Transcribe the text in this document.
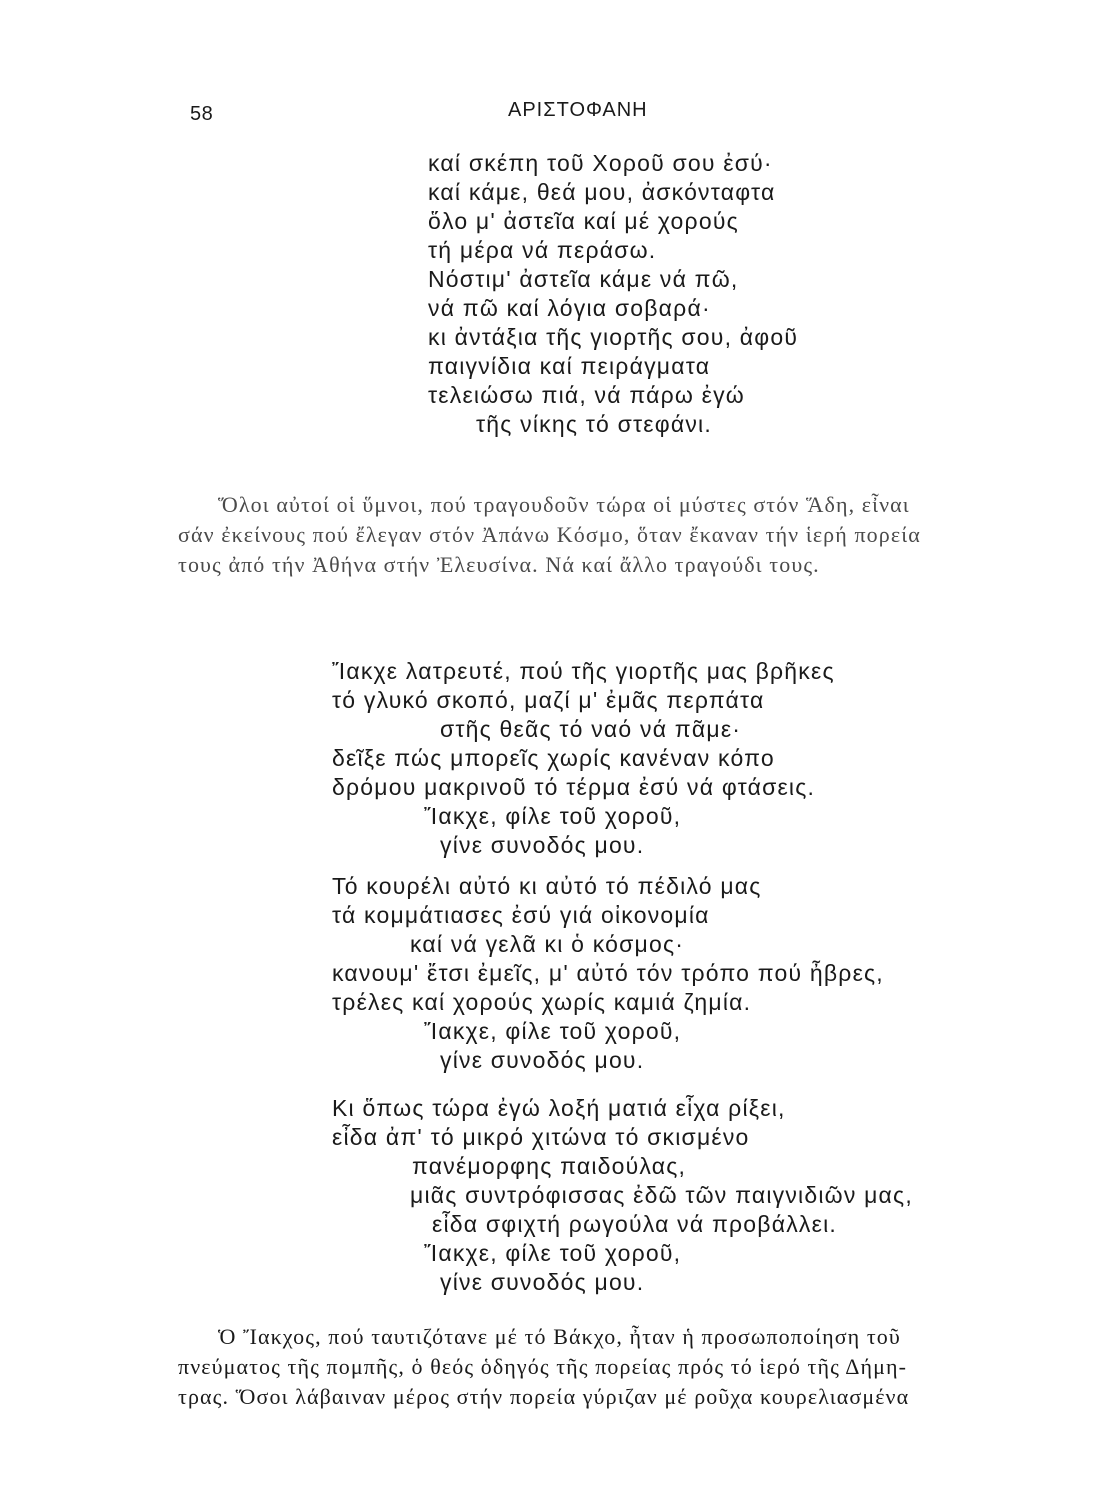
58	ΑΡΙΣΤΟΦΑΝΗ
καί σκέπη τοῦ Χοροῦ σου ἐσύ·
καί κάμε, θεά μου, ἀσκόνταφτα
ὅλο μ' ἀστεῖα καί μέ χορούς
τή μέρα νά περάσω.
Νόστιμ' ἀστεῖα κάμε νά πῶ,
νά πῶ καί λόγια σοβαρά·
κι ἀντάξια τῆς γιορτῆς σου, ἀφοῦ
παιγνίδια καί πειράγματα
τελειώσω πιά, νά πάρω ἐγώ
τῆς νίκης τό στεφάνι.
Ὅλοι αὐτοί οἱ ὕμνοι, πού τραγουδοῦν τώρα οἱ μύστες στόν Ἅδη, εἶναι
σάν ἐκείνους πού ἔλεγαν στόν Ἀπάνω Κόσμο, ὅταν ἔκαναν τήν ἱερή πορεία
τους ἀπό τήν Ἀθήνα στήν Ἐλευσίνα. Νά καί ἄλλο τραγούδι τους.
Ἴακχε λατρευτέ, πού τῆς γιορτῆς μας βρῆκες
τό γλυκό σκοπό, μαζί μ' ἐμᾶς περπάτα
στῆς θεᾶς τό ναό νά πᾶμε·
δεῖξε πώς μπορεῖς χωρίς κανέναν κόπο
δρόμου μακρινοῦ τό τέρμα ἐσύ νά φτάσεις.
Ἴακχε, φίλε τοῦ χοροῦ,
γίνε συνοδός μου.
Τό κουρέλι αὐτό κι αὐτό τό πέδιλό μας
τά κομμάτιασες ἐσύ γιά οἰκονομία
καί νά γελᾶ κι ὁ κόσμος·
κανουμ' ἔτσι ἐμεῖς, μ' αὐτό τόν τρόπο πού ἦβρες,
τρέλες καί χορούς χωρίς καμιά ζημία.
Ἴακχε, φίλε τοῦ χοροῦ,
γίνε συνοδός μου.
Κι ὅπως τώρα ἐγώ λοξή ματιά εἶχα ρίξει,
εἶδα ἀπ' τό μικρό χιτώνα τό σκισμένο
πανέμορφης παιδούλας,
μιᾶς συντρόφισσας ἐδῶ τῶν παιγνιδιῶν μας,
εἶδα σφιχτή ρωγούλα νά προβάλλει.
Ἴακχε, φίλε τοῦ χοροῦ,
γίνε συνοδός μου.
Ὁ Ἴακχος, πού ταυτιζότανε μέ τό Βάκχο, ἦταν ἡ προσωποποίηση τοῦ
πνεύματος τῆς πομπῆς, ὁ θεός ὁδηγός τῆς πορείας πρός τό ἱερό τῆς Δήμη-
τρας. Ὅσοι λάβαιναν μέρος στήν πορεία γύριζαν μέ ροῦχα κουρελιασμένα
